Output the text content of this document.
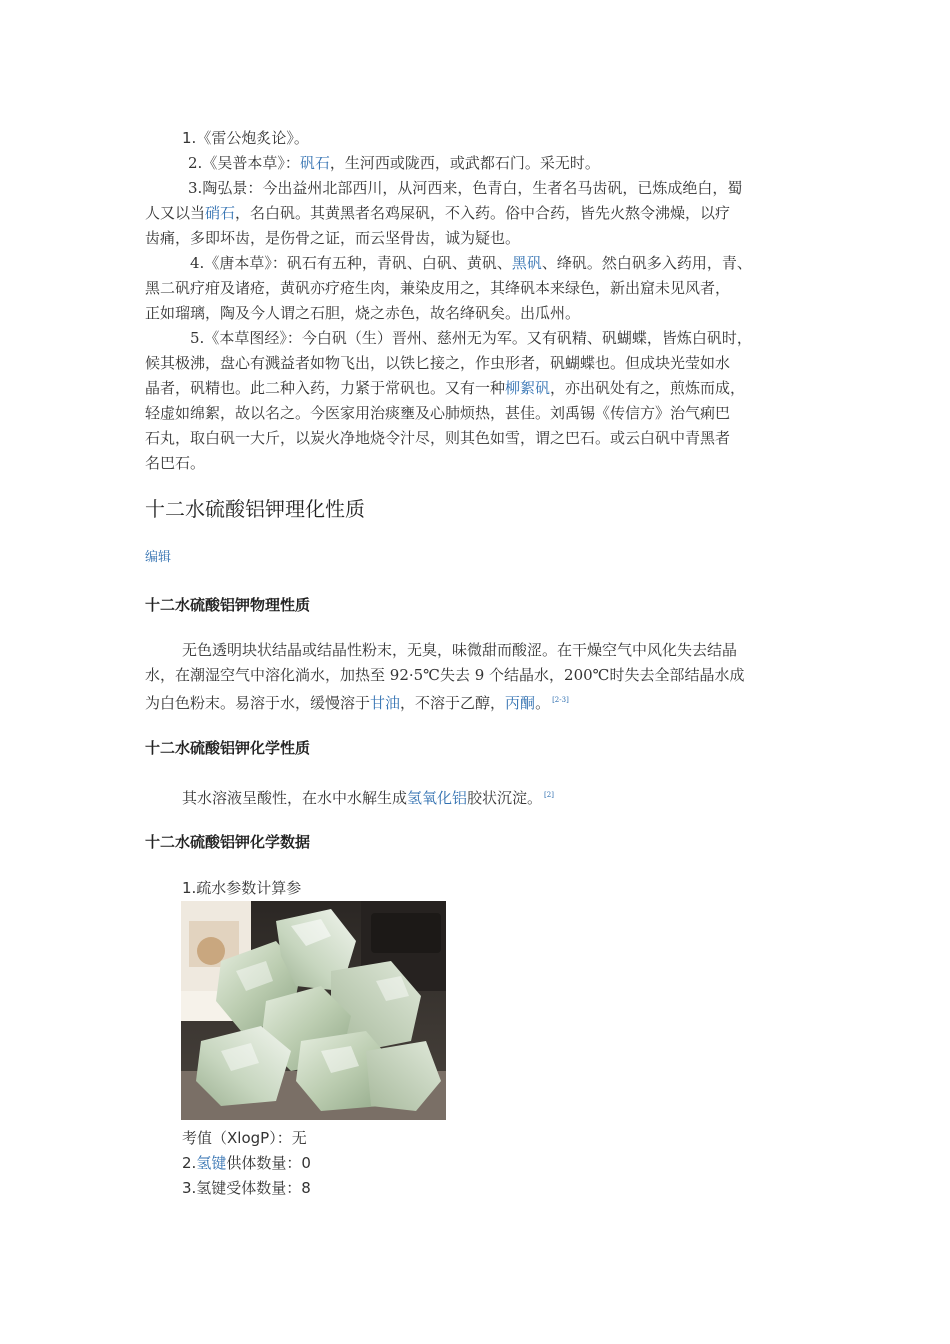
1.《雷公炮炙论》。
2.《吴普本草》：矾石，生河西或陇西，或武都石门。采无时。
3.陶弘景：今出益州北部西川，从河西来，色青白，生者名马齿矾，已炼成绝白，蜀
人又以当硝石，名白矾。其黄黑者名鸡屎矾，不入药。俗中合药，皆先火熬令沸燥，以疗
齿痛，多即坏齿，是伤骨之证，而云坚骨齿，诚为疑也。
4.《唐本草》：矾石有五种，青矾、白矾、黄矾、黑矾、绛矾。然白矾多入药用，青、
黑二矾疗疳及诸疮，黄矾亦疗疮生肉，兼染皮用之，其绛矾本来绿色，新出窟未见风者，
正如瑠璃，陶及今人谓之石胆，烧之赤色，故名绛矾矣。出瓜州。
5.《本草图经》：今白矾（生）晋州、慈州无为军。又有矾精、矾蝴蝶，皆炼白矾时，
候其极沸，盘心有溅益者如物飞出，以铁匕接之，作虫形者，矾蝴蝶也。但成块光莹如水
晶者，矾精也。此二种入药，力紧于常矾也。又有一种柳絮矾，亦出矾处有之，煎炼而成，
轻虚如绵絮，故以名之。今医家用治痰壅及心肺烦热，甚佳。刘禹锡《传信方》治气痢巴
石丸，取白矾一大斤，以炭火净地烧令汁尽，则其色如雪，谓之巴石。或云白矾中青黑者
名巴石。
十二水硫酸铝钾理化性质
编辑
十二水硫酸铝钾物理性质
无色透明块状结晶或结晶性粉末，无臭，味微甜而酸涩。在干燥空气中风化失去结晶
水，在潮湿空气中溶化淌水，加热至 92·5℃失去 9 个结晶水，200℃时失去全部结晶水成
为白色粉末。易溶于水，缓慢溶于甘油，不溶于乙醇，丙酮。 [2-3]
十二水硫酸铝钾化学性质
其水溶液呈酸性，在水中水解生成氢氧化铝胶状沉淀。 [2]
十二水硫酸铝钾化学数据
1.疏水参数计算参
考值（XlogP）：无
2.氢键供体数量：0
3.氢键受体数量：8
